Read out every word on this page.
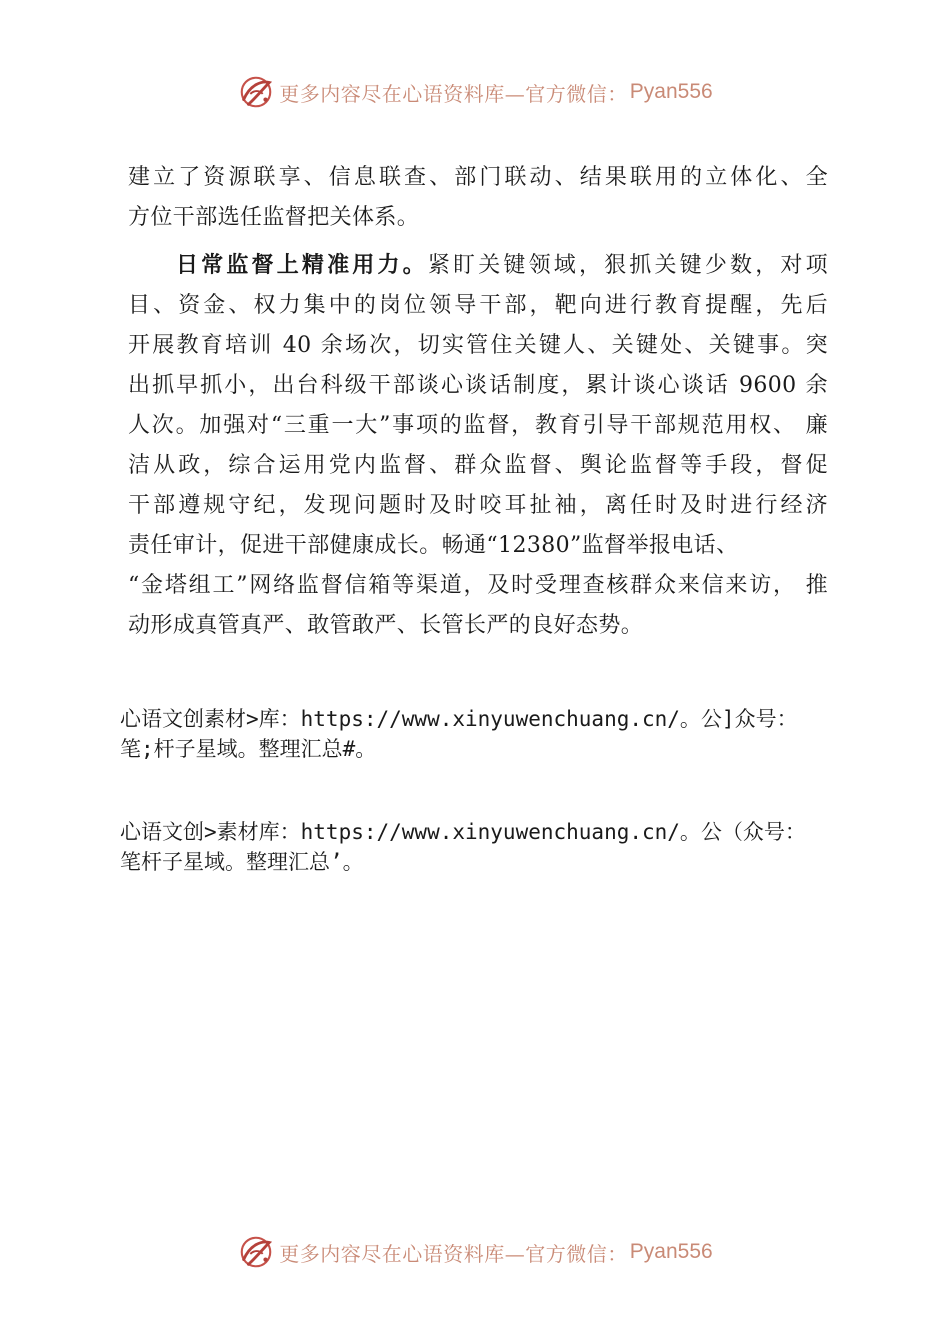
更多内容尽在心语资料库—官方微信： Pyan556
建立了资源联享、信息联查、部门联动、结果联用的立体化、全
方位干部选任监督把关体系。
日常监督上精准用力。紧盯关键领域，狠抓关键少数，对项
目、资金、权力集中的岗位领导干部，靶向进行教育提醒，先后
开展教育培训 40 余场次，切实管住关键人、关键处、关键事。突
出抓早抓小，出台科级干部谈心谈话制度，累计谈心谈话 9600 余
人次。加强对“三重一大”事项的监督，教育引导干部规范用权、 廉
洁从政，综合运用党内监督、群众监督、舆论监督等手段，督促
干部遵规守纪，发现问题时及时咬耳扯袖，离任时及时进行经济
责任审计，促进干部健康成长。畅通“12380”监督举报电话、
“金塔组工”网络监督信箱等渠道，及时受理查核群众来信来访， 推
动形成真管真严、敢管敢严、长管长严的良好态势。
心语文创素材>库：https://www.xinyuwenchuang.cn/。公]众号：
笔;杆子星域。整理汇总#。
心语文创>素材库：https://www.xinyuwenchuang.cn/。公（众号：
笔杆子星域。整理汇总’。
更多内容尽在心语资料库—官方微信： Pyan556
